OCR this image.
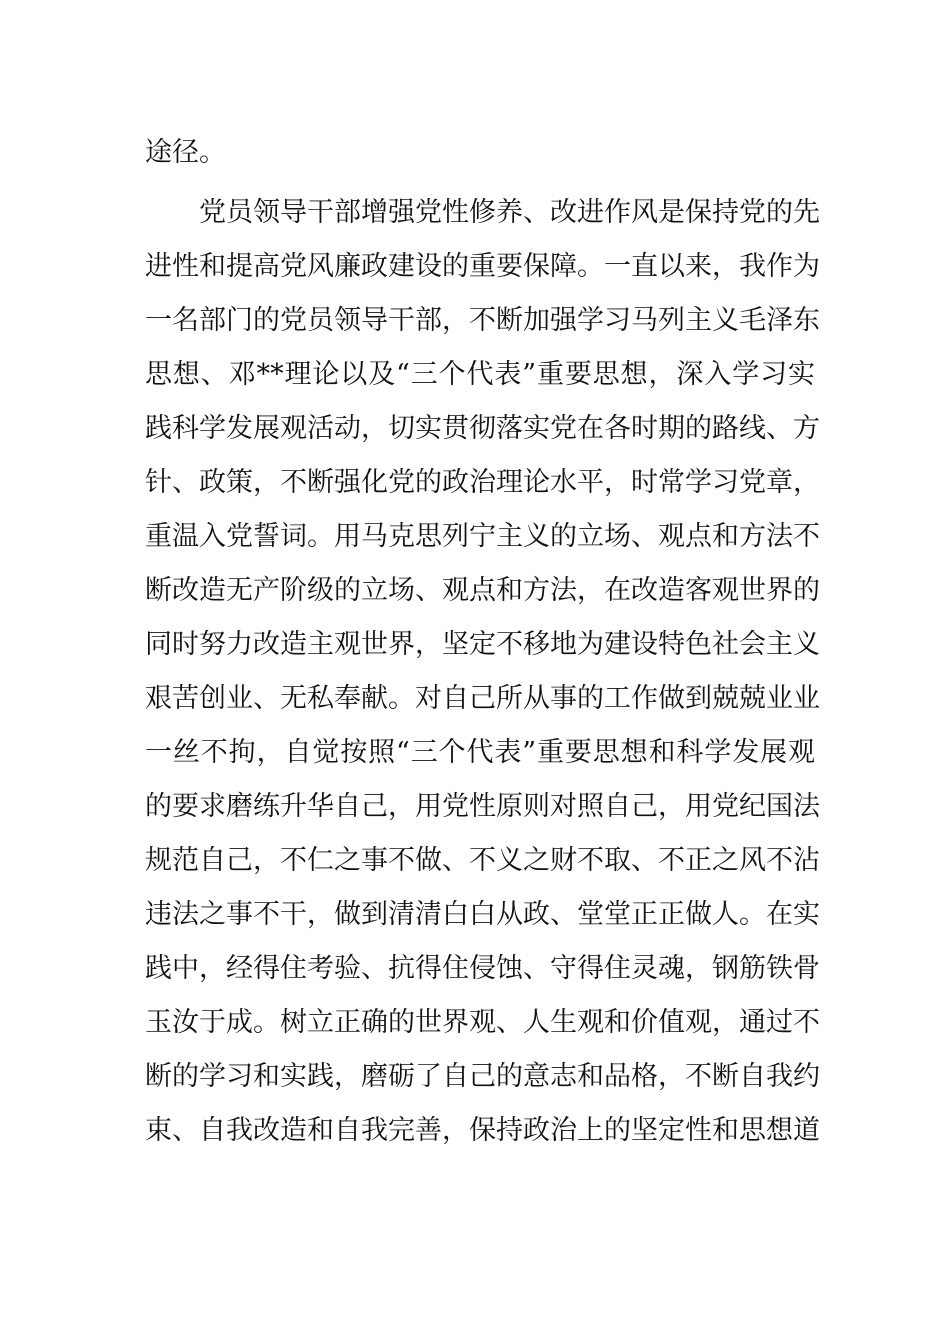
途径。
党员领导干部增强党性修养、改进作风是保持党的先
进性和提高党风廉政建设的重要保障。一直以来，我作为
一名部门的党员领导干部，不断加强学习马列主义毛泽东
思想、邓**理论以及“三个代表”重要思想，深入学习实
践科学发展观活动，切实贯彻落实党在各时期的路线、方
针、政策，不断强化党的政治理论水平，时常学习党章，
重温入党誓词。用马克思列宁主义的立场、观点和方法不
断改造无产阶级的立场、观点和方法，在改造客观世界的
同时努力改造主观世界，坚定不移地为建设特色社会主义
艰苦创业、无私奉献。对自己所从事的工作做到兢兢业业
一丝不拘，自觉按照“三个代表”重要思想和科学发展观
的要求磨练升华自己，用党性原则对照自己，用党纪国法
规范自己，不仁之事不做、不义之财不取、不正之风不沾
违法之事不干，做到清清白白从政、堂堂正正做人。在实
践中，经得住考验、抗得住侵蚀、守得住灵魂，钢筋铁骨
玉汝于成。树立正确的世界观、人生观和价值观，通过不
断的学习和实践，磨砺了自己的意志和品格，不断自我约
束、自我改造和自我完善，保持政治上的坚定性和思想道
